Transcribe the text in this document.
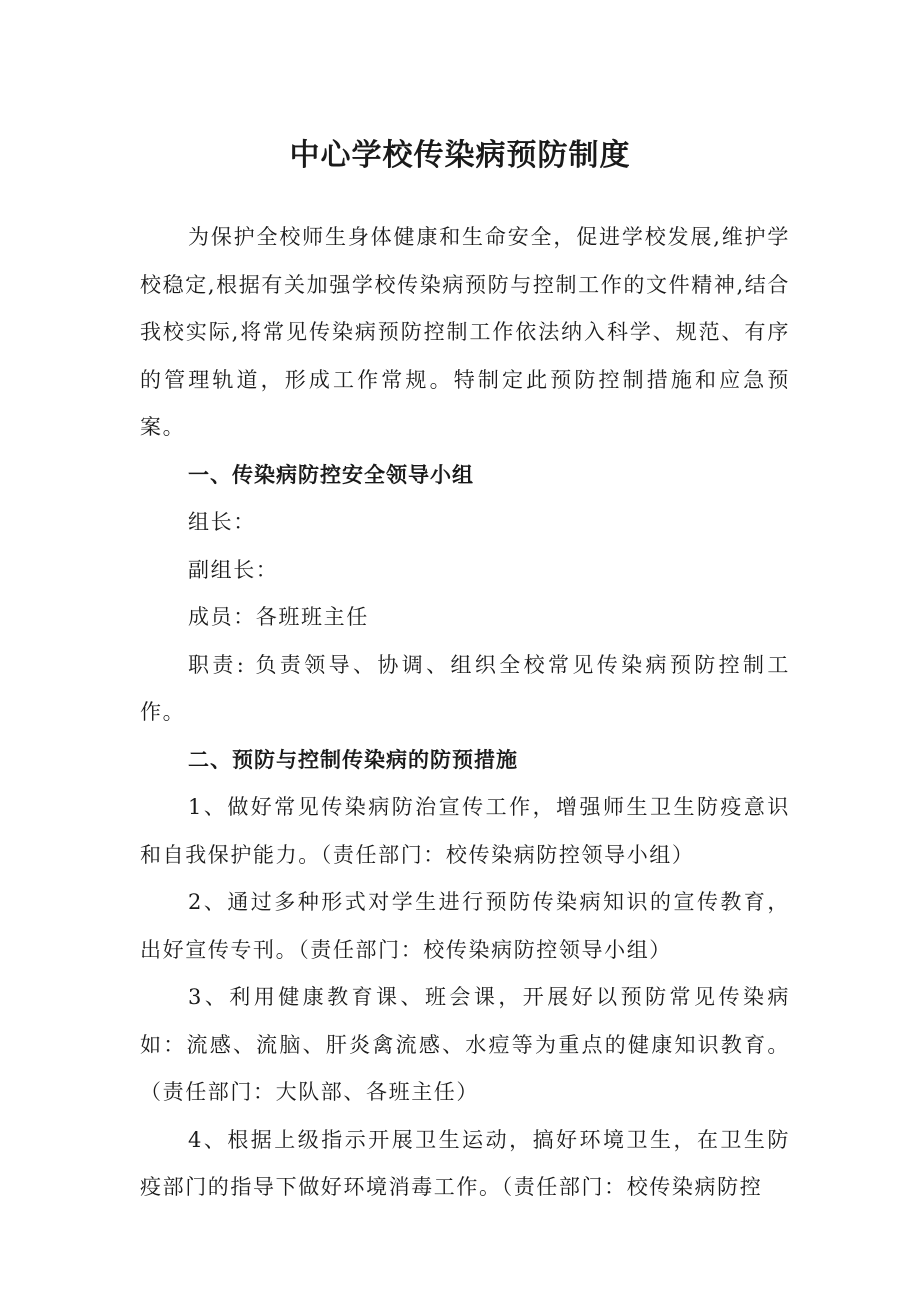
中心学校传染病预防制度

为保护全校师生身体健康和生命安全，促进学校发展,维护学校稳定,根据有关加强学校传染病预防与控制工作的文件精神,结合我校实际,将常见传染病预防控制工作依法纳入科学、规范、有序的管理轨道，形成工作常规。特制定此预防控制措施和应急预案。

一、传染病防控安全领导小组

组长：

副组长：

成员：各班班主任

职责: 负责领导、协调、组织全校常见传染病预防控制工作。

二、预防与控制传染病的防预措施

1、做好常见传染病防治宣传工作，增强师生卫生防疫意识和自我保护能力。（责任部门：校传染病防控领导小组）

2、通过多种形式对学生进行预防传染病知识的宣传教育，出好宣传专刊。（责任部门：校传染病防控领导小组）

3、利用健康教育课、班会课，开展好以预防常见传染病如：流感、流脑、肝炎禽流感、水痘等为重点的健康知识教育。（责任部门：大队部、各班主任）

4、根据上级指示开展卫生运动，搞好环境卫生，在卫生防疫部门的指导下做好环境消毒工作。（责任部门：校传染病防控
